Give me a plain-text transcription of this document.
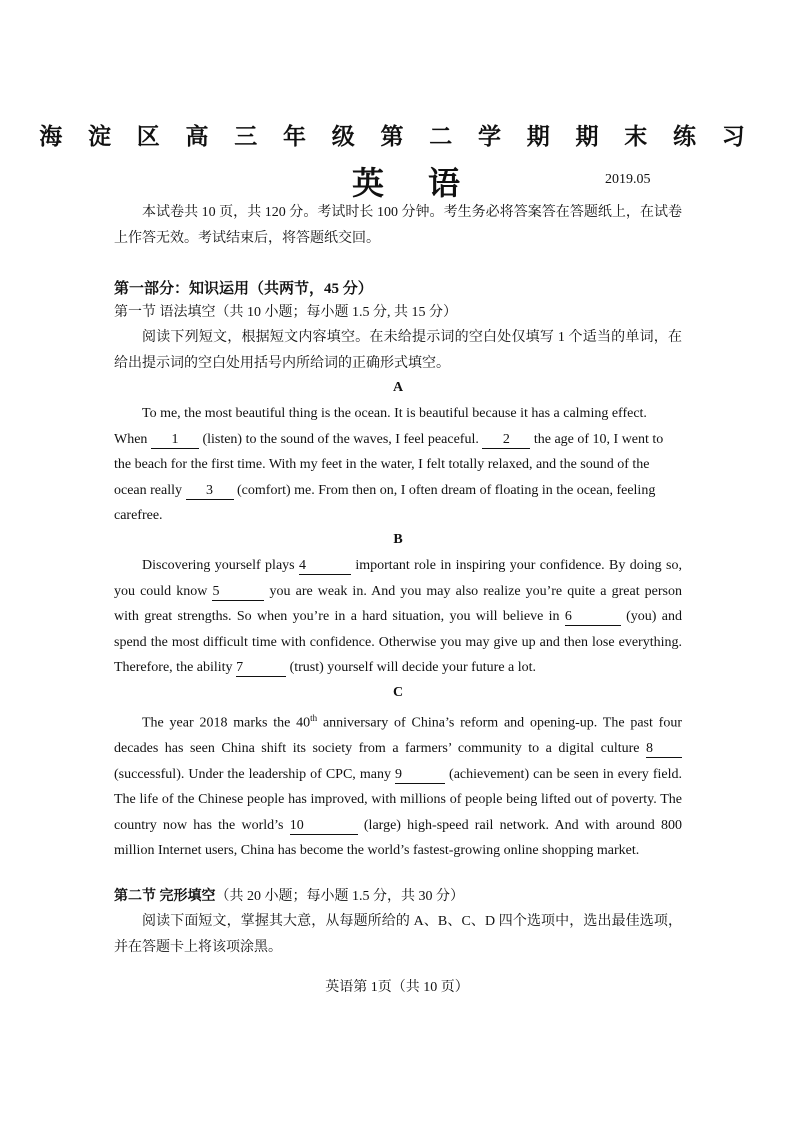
海 淀 区 高 三 年 级 第 二 学 期 期 末 练 习
英语	2019.05
本试卷共 10 页，共 120 分。考试时长 100 分钟。考生务必将答案答在答题纸上，在试卷上作答无效。考试结束后，将答题纸交回。
第一部分：知识运用（共两节，45 分）
第一节 语法填空（共 10 小题；每小题 1.5 分, 共 15 分）
阅读下列短文，根据短文内容填空。在未给提示词的空白处仅填写 1 个适当的单词，在给出提示词的空白处用括号内所给词的正确形式填空。
A
To me, the most beautiful thing is the ocean. It is beautiful because it has a calming effect. When 1 (listen) to the sound of the waves, I feel peaceful. 2 the age of 10, I went to the beach for the first time. With my feet in the water, I felt totally relaxed, and the sound of the ocean really 3 (comfort) me. From then on, I often dream of floating in the ocean, feeling carefree.
B
Discovering yourself plays 4	important role in inspiring your confidence. By doing so, you could know 5	you are weak in. And you may also realize you’re quite a great person with great strengths. So when you’re in a hard situation, you will believe in 6	(you) and spend the most difficult time with confidence. Otherwise you may give up and then lose everything. Therefore, the ability 7	(trust) yourself will decide your future a lot.
C
The year 2018 marks the 40th anniversary of China’s reform and opening-up. The past four decades has seen China shift its society from a farmers’ community to a digital culture 8 (successful). Under the leadership of CPC, many 9	(achievement) can be seen in every field. The life of the Chinese people has improved, with millions of people being lifted out of poverty. The country now has the world’s 10	(large) high-speed rail network. And with around 800 million Internet users, China has become the world’s fastest-growing online shopping market.
第二节 完形填空（共 20 小题；每小题 1.5 分，共 30 分）
阅读下面短文，掌握其大意，从每题所给的 A、B、C、D 四个选项中，选出最佳选项，并在答题卡上将该项涂黑。
英语第 1页（共 10 页）
